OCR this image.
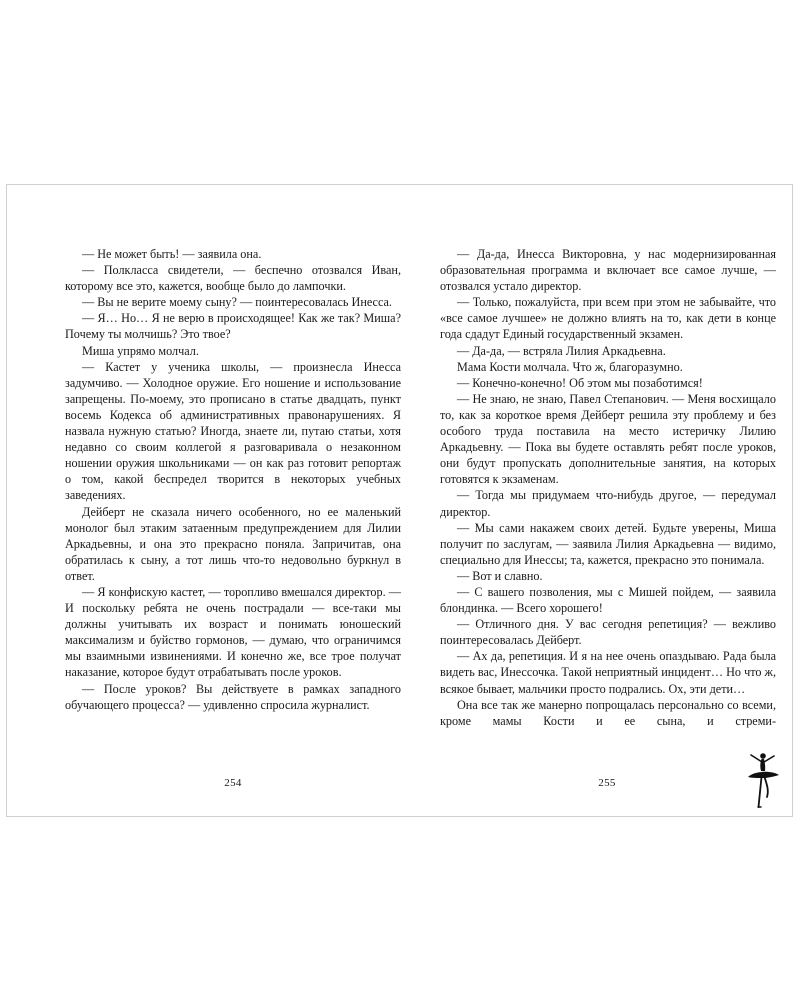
— Не может быть! — заявила она.

— Полкласса свидетели, — беспечно отозвался Иван, которому все это, кажется, вообще было до лампочки.

— Вы не верите моему сыну? — поинтересовалась Инесса.

— Я… Но… Я не верю в происходящее! Как же так? Миша? Почему ты молчишь? Это твое?

Миша упрямо молчал.

— Кастет у ученика школы, — произнесла Инесса задумчиво. — Холодное оружие. Его ношение и использование запрещены. По-моему, это прописано в статье двадцать, пункт восемь Кодекса об административных правонарушениях. Я назвала нужную статью? Иногда, знаете ли, путаю статьи, хотя недавно со своим коллегой я разговаривала о незаконном ношении оружия школьниками — он как раз готовит репортаж о том, какой беспредел творится в некоторых учебных заведениях.

Дейберт не сказала ничего особенного, но ее маленький монолог был этаким затаенным предупреждением для Лилии Аркадьевны, и она это прекрасно поняла. Запричитав, она обратилась к сыну, а тот лишь что-то недовольно буркнул в ответ.

— Я конфискую кастет, — торопливо вмешался директор. — И поскольку ребята не очень пострадали — все-таки мы должны учитывать их возраст и понимать юношеский максимализм и буйство гормонов, — думаю, что ограничимся мы взаимными извинениями. И конечно же, все трое получат наказание, которое будут отрабатывать после уроков.

— После уроков? Вы действуете в рамках западного обучающего процесса? — удивленно спросила журналист.

— Да-да, Инесса Викторовна, у нас модернизированная образовательная программа и включает все самое лучше, — отозвался устало директор.

— Только, пожалуйста, при всем при этом не забывайте, что «все самое лучшее» не должно влиять на то, как дети в конце года сдадут Единый государственный экзамен.

— Да-да, — встряла Лилия Аркадьевна.

Мама Кости молчала. Что ж, благоразумно.

— Конечно-конечно! Об этом мы позаботимся!

— Не знаю, не знаю, Павел Степанович. — Меня восхищало то, как за короткое время Дейберт решила эту проблему и без особого труда поставила на место истеричку Лилию Аркадьевну. — Пока вы будете оставлять ребят после уроков, они будут пропускать дополнительные занятия, на которых готовятся к экзаменам.

— Тогда мы придумаем что-нибудь другое, — передумал директор.

— Мы сами накажем своих детей. Будьте уверены, Миша получит по заслугам, — заявила Лилия Аркадьевна — видимо, специально для Инессы; та, кажется, прекрасно это понимала.

— Вот и славно.

— С вашего позволения, мы с Мишей пойдем, — заявила блондинка. — Всего хорошего!

— Отличного дня. У вас сегодня репетиция? — вежливо поинтересовалась Дейберт.

— Ах да, репетиция. И я на нее очень опаздываю. Рада была видеть вас, Инессочка. Такой неприятный инцидент… Но что ж, всякое бывает, мальчики просто подрались. Ох, эти дети…

Она все так же манерно попрощалась персонально со всеми, кроме мамы Кости и ее сына, и стреми-

254	255
